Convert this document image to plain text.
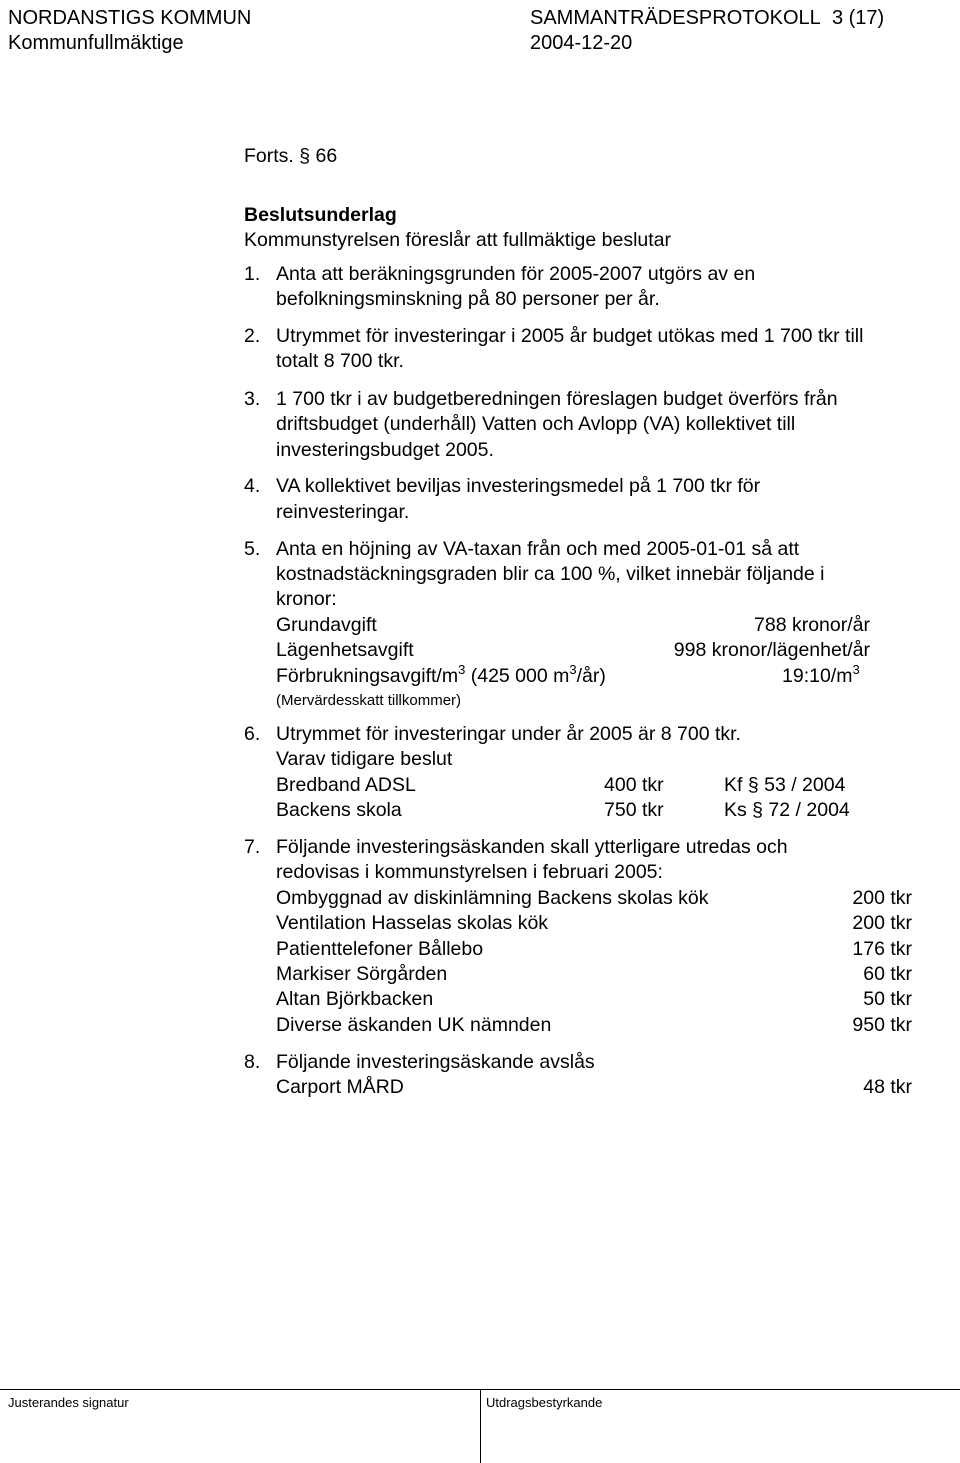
NORDANSTIGS KOMMUN	SAMMANTRÄDESPROTOKOLL 3 (17)
Kommunfullmäktige	2004-12-20
Forts. § 66
Beslutsunderlag
Kommunstyrelsen föreslår att fullmäktige beslutar
1. Anta att beräkningsgrunden för 2005-2007 utgörs av en
befolkningsminskning på 80 personer per år.
2. Utrymmet för investeringar i 2005 år budget utökas med 1 700 tkr till
totalt 8 700 tkr.
3. 1 700 tkr i av budgetberedningen föreslagen budget överförs från
driftsbudget (underhåll) Vatten och Avlopp (VA) kollektivet till
investeringsbudget 2005.
4. VA kollektivet beviljas investeringsmedel på 1 700 tkr för
reinvesteringar.
5. Anta en höjning av VA-taxan från och med 2005-01-01 så att
kostnadstäckningsgraden blir ca 100 %, vilket innebär följande i
kronor:
Grundavgift	788 kronor/år
Lägenhetsavgift	998 kronor/lägenhet/år
Förbrukningsavgift/$m^3$ (425 000 $m^3/år$)	$19:10/m^3$
(Mervärdesskatt tillkommer)
6. Utrymmet för investeringar under år 2005 är 8 700 tkr.
Varav tidigare beslut
Bredband ADSL	400 tkr	Kf § 53 / 2004
Backens skola	750 tkr	Ks § 72 / 2004
7. Följande investeringsäskanden skall ytterligare utredas och
redovisas i kommunstyrelsen i februari 2005:
Ombyggnad av diskinlämning Backens skolas kök	200 tkr
Ventilation Hasselas skolas kök	200 tkr
Patienttelefoner Bållebo	176 tkr
Markiser Sörgården	60 tkr
Altan Björkbacken	50 tkr
Diverse äskanden UK nämnden	950 tkr
8. Följande investeringsäskande avslås
Carport MÅRD	48 tkr
Justerandes signatur	Utdragsbestyrkande
